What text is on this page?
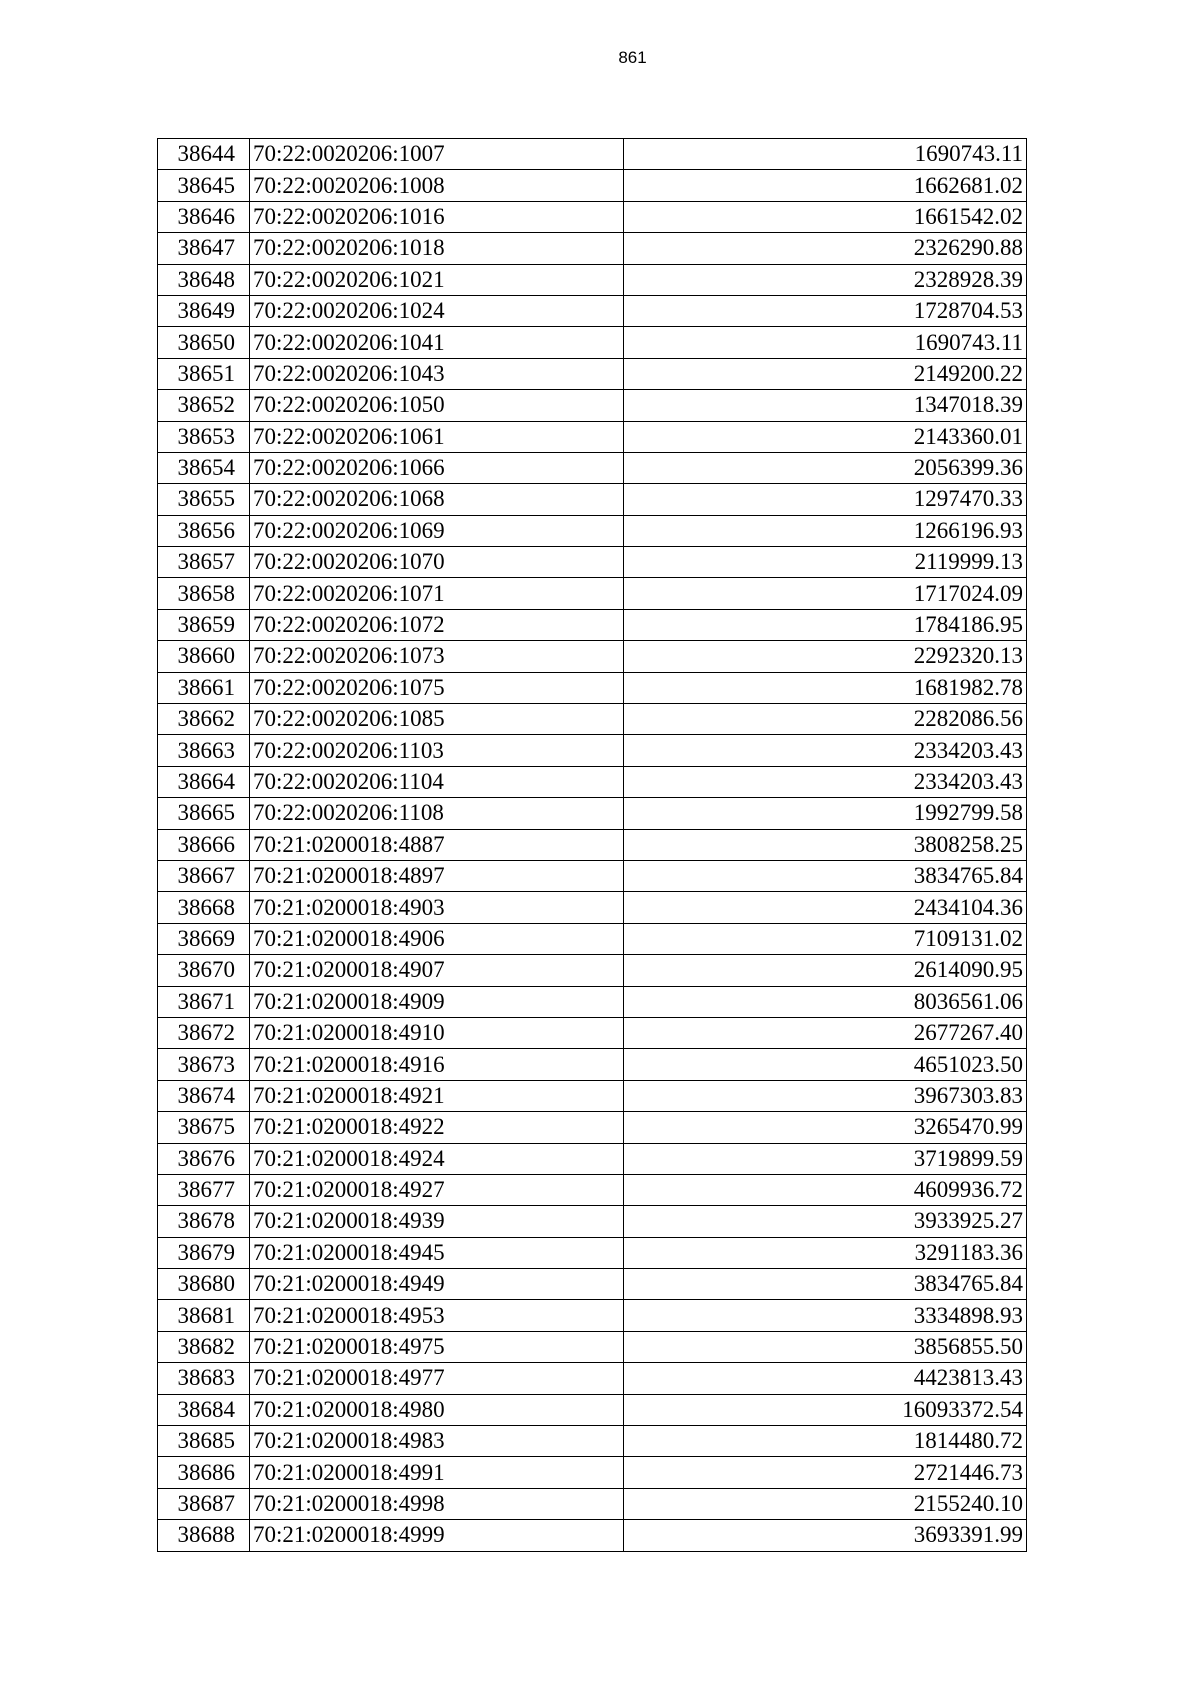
861
38644	70:22:0020206:1007	1690743.11
38645	70:22:0020206:1008	1662681.02
38646	70:22:0020206:1016	1661542.02
38647	70:22:0020206:1018	2326290.88
38648	70:22:0020206:1021	2328928.39
38649	70:22:0020206:1024	1728704.53
38650	70:22:0020206:1041	1690743.11
38651	70:22:0020206:1043	2149200.22
38652	70:22:0020206:1050	1347018.39
38653	70:22:0020206:1061	2143360.01
38654	70:22:0020206:1066	2056399.36
38655	70:22:0020206:1068	1297470.33
38656	70:22:0020206:1069	1266196.93
38657	70:22:0020206:1070	2119999.13
38658	70:22:0020206:1071	1717024.09
38659	70:22:0020206:1072	1784186.95
38660	70:22:0020206:1073	2292320.13
38661	70:22:0020206:1075	1681982.78
38662	70:22:0020206:1085	2282086.56
38663	70:22:0020206:1103	2334203.43
38664	70:22:0020206:1104	2334203.43
38665	70:22:0020206:1108	1992799.58
38666	70:21:0200018:4887	3808258.25
38667	70:21:0200018:4897	3834765.84
38668	70:21:0200018:4903	2434104.36
38669	70:21:0200018:4906	7109131.02
38670	70:21:0200018:4907	2614090.95
38671	70:21:0200018:4909	8036561.06
38672	70:21:0200018:4910	2677267.40
38673	70:21:0200018:4916	4651023.50
38674	70:21:0200018:4921	3967303.83
38675	70:21:0200018:4922	3265470.99
38676	70:21:0200018:4924	3719899.59
38677	70:21:0200018:4927	4609936.72
38678	70:21:0200018:4939	3933925.27
38679	70:21:0200018:4945	3291183.36
38680	70:21:0200018:4949	3834765.84
38681	70:21:0200018:4953	3334898.93
38682	70:21:0200018:4975	3856855.50
38683	70:21:0200018:4977	4423813.43
38684	70:21:0200018:4980	16093372.54
38685	70:21:0200018:4983	1814480.72
38686	70:21:0200018:4991	2721446.73
38687	70:21:0200018:4998	2155240.10
38688	70:21:0200018:4999	3693391.99
